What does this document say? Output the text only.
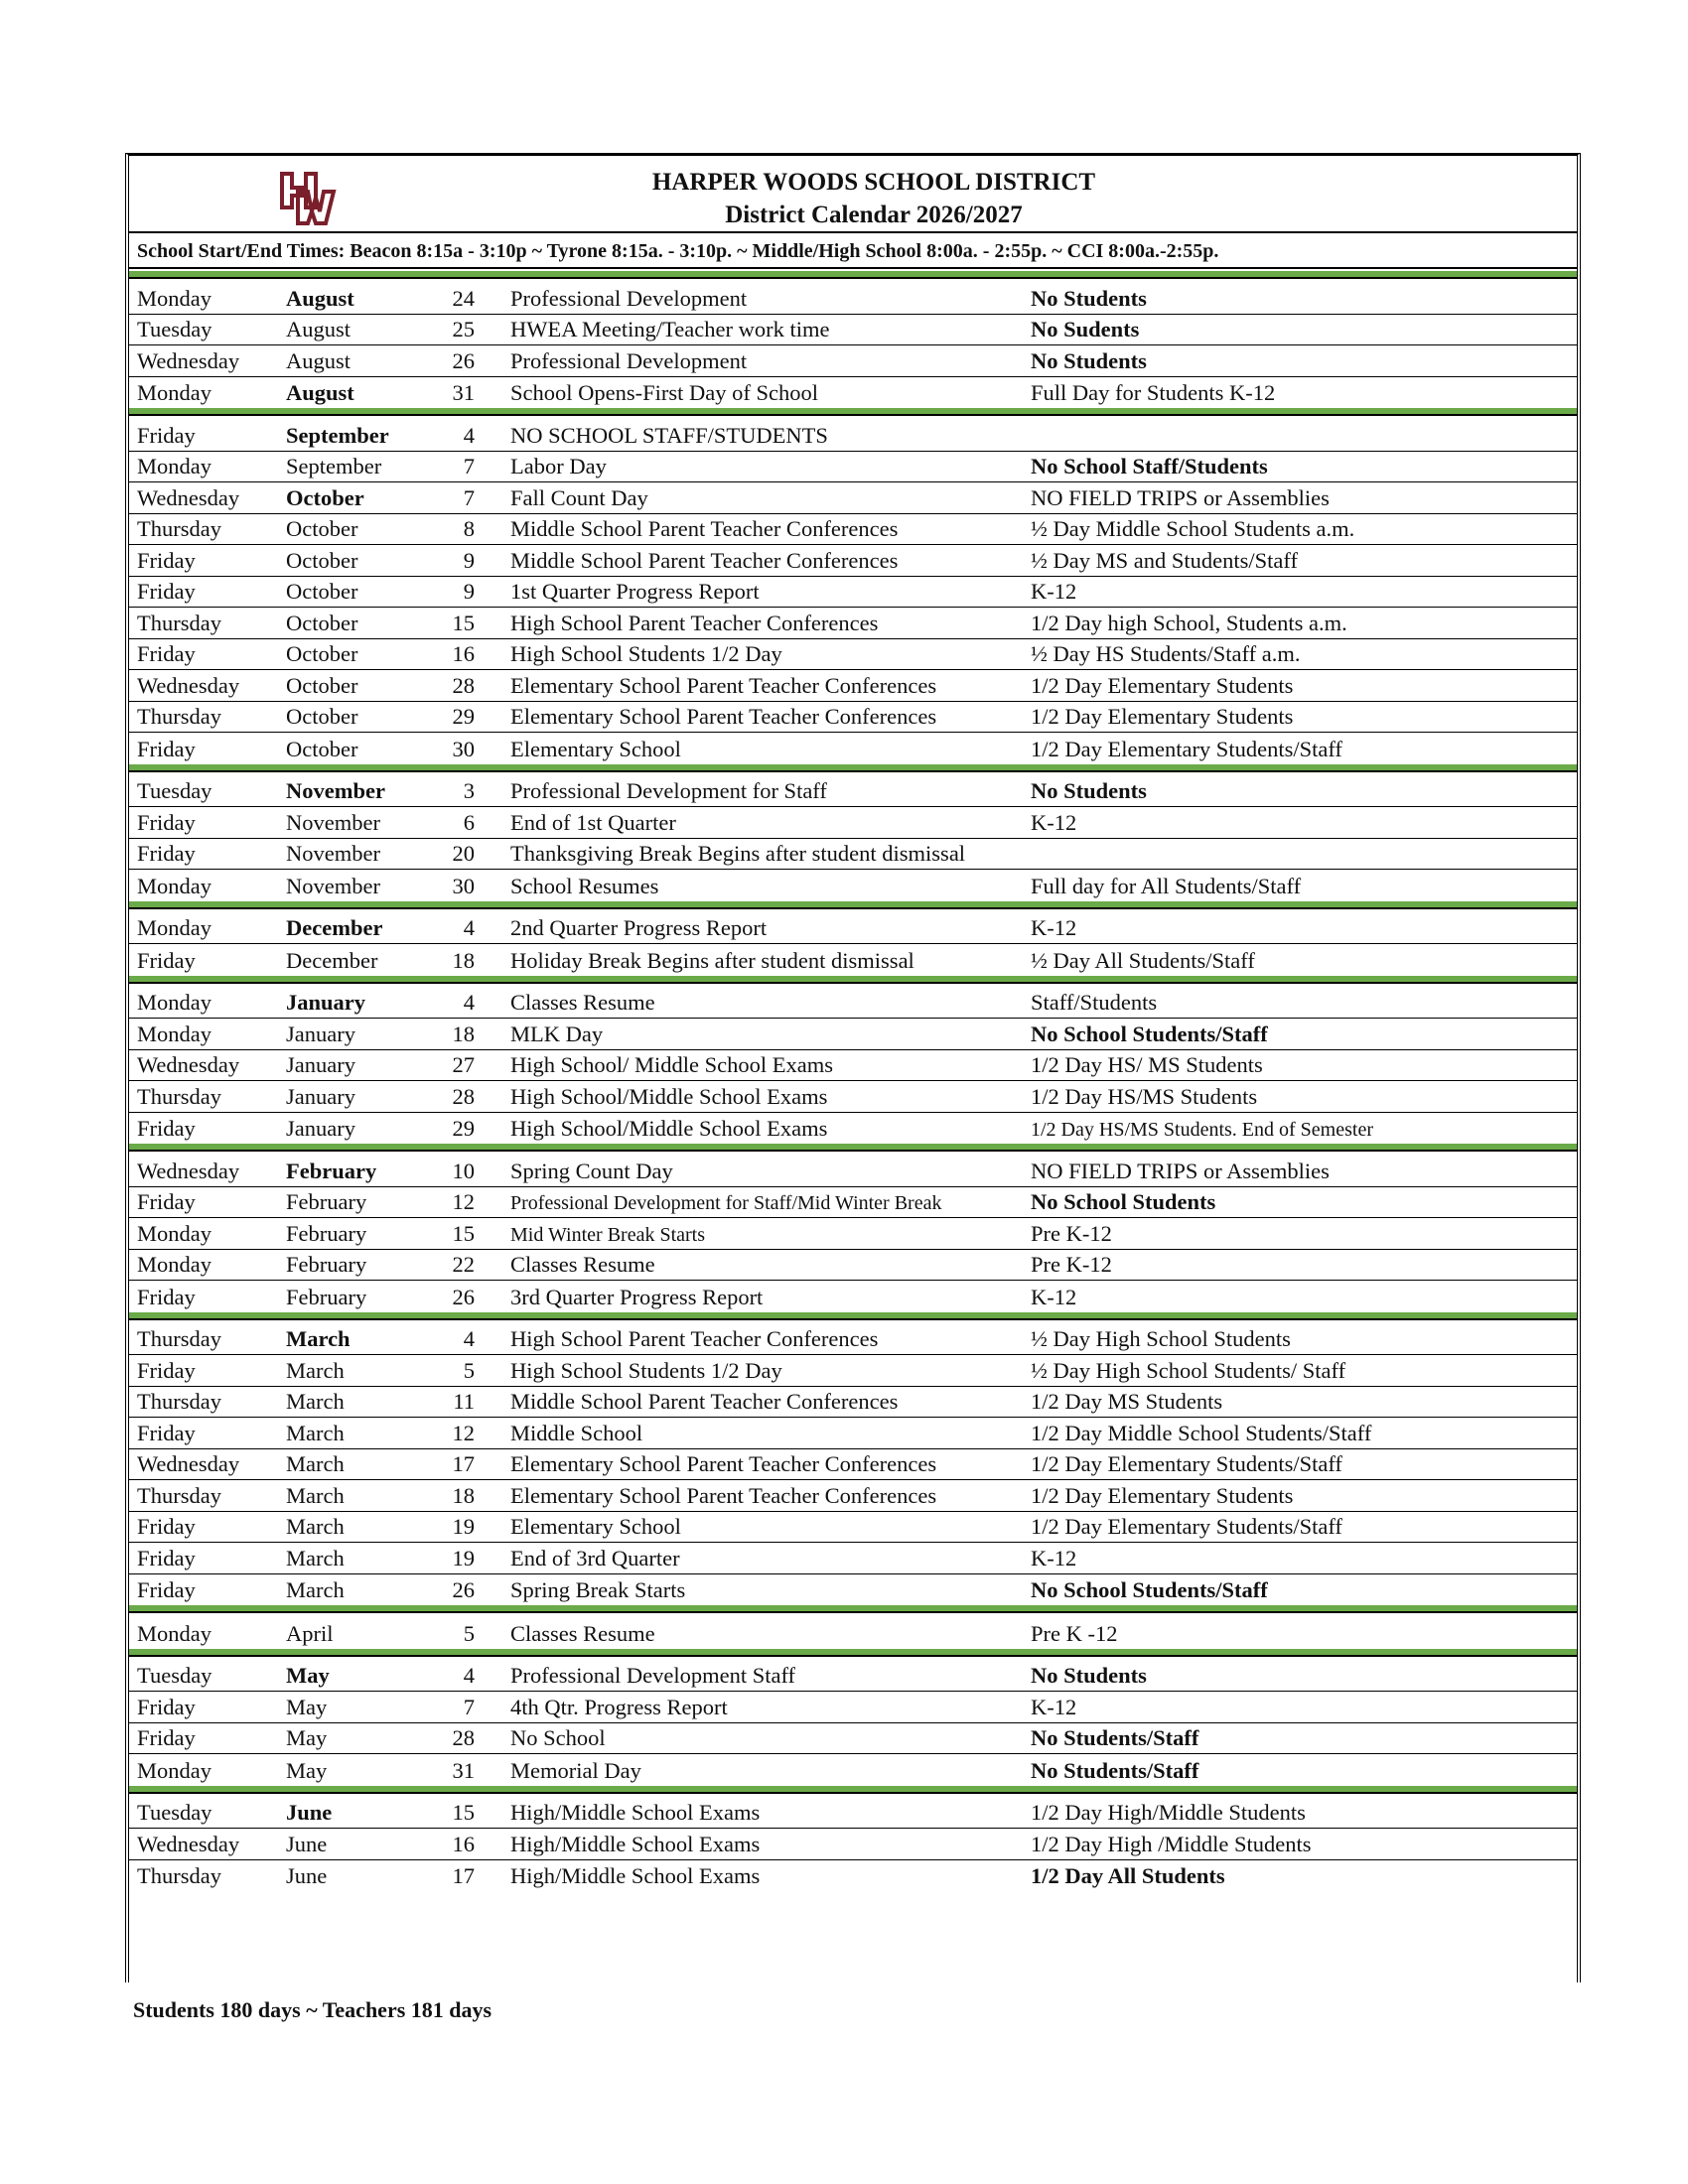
HARPER WOODS SCHOOL DISTRICT
District Calendar 2026/2027
School Start/End Times: Beacon 8:15a - 3:10p ~ Tyrone 8:15a. - 3:10p. ~ Middle/High School 8:00a. - 2:55p. ~ CCI 8:00a.-2:55p.
Monday	August	24	Professional Development	No Students
Tuesday	August	25	HWEA Meeting/Teacher work time	No Sudents
Wednesday	August	26	Professional Development	No Students
Monday	August	31	School Opens-First Day of School	Full Day for Students K-12
Friday	September	4	NO SCHOOL STAFF/STUDENTS
Monday	September	7	Labor Day	No School Staff/Students
Wednesday	October	7	Fall Count Day	NO FIELD TRIPS or Assemblies
Thursday	October	8	Middle School Parent Teacher Conferences	½ Day Middle School Students a.m.
Friday	October	9	Middle School Parent Teacher Conferences	½ Day MS and Students/Staff
Friday	October	9	1st Quarter Progress Report	K-12
Thursday	October	15	High School Parent Teacher Conferences	1/2 Day high School, Students a.m.
Friday	October	16	High School Students 1/2 Day	½ Day HS Students/Staff a.m.
Wednesday	October	28	Elementary School Parent Teacher Conferences	1/2 Day Elementary Students
Thursday	October	29	Elementary School Parent Teacher Conferences	1/2 Day Elementary Students
Friday	October	30	Elementary School	1/2 Day Elementary Students/Staff
Tuesday	November	3	Professional Development for Staff	No Students
Friday	November	6	End of 1st Quarter	K-12
Friday	November	20	Thanksgiving Break Begins after student dismissal
Monday	November	30	School Resumes	Full day for All Students/Staff
Monday	December	4	2nd Quarter Progress Report	K-12
Friday	December	18	Holiday Break Begins after student dismissal	½ Day All Students/Staff
Monday	January	4	Classes Resume	Staff/Students
Monday	January	18	MLK Day	No School Students/Staff
Wednesday	January	27	High School/ Middle School Exams	1/2 Day HS/ MS Students
Thursday	January	28	High School/Middle School Exams	1/2 Day HS/MS Students
Friday	January	29	High School/Middle School Exams	1/2 Day HS/MS Students. End of Semester
Wednesday	February	10	Spring Count Day	NO FIELD TRIPS or Assemblies
Friday	February	12	Professional Development for Staff/Mid Winter Break	No School Students
Monday	February	15	Mid Winter Break Starts	Pre K-12
Monday	February	22	Classes Resume	Pre K-12
Friday	February	26	3rd Quarter Progress Report	K-12
Thursday	March	4	High School Parent Teacher Conferences	½ Day High School Students
Friday	March	5	High School Students 1/2 Day	½ Day High School Students/ Staff
Thursday	March	11	Middle School Parent Teacher Conferences	1/2 Day MS Students
Friday	March	12	Middle School	1/2 Day Middle School Students/Staff
Wednesday	March	17	Elementary School Parent Teacher Conferences	1/2 Day Elementary Students/Staff
Thursday	March	18	Elementary School Parent Teacher Conferences	1/2 Day Elementary Students
Friday	March	19	Elementary School	1/2 Day Elementary Students/Staff
Friday	March	19	End of 3rd Quarter	K-12
Friday	March	26	Spring Break Starts	No School Students/Staff
Monday	April	5	Classes Resume	Pre K -12
Tuesday	May	4	Professional Development Staff	No Students
Friday	May	7	4th Qtr. Progress Report	K-12
Friday	May	28	No School	No Students/Staff
Monday	May	31	Memorial Day	No Students/Staff
Tuesday	June	15	High/Middle School Exams	1/2 Day High/Middle Students
Wednesday	June	16	High/Middle School Exams	1/2 Day High /Middle Students
Thursday	June	17	High/Middle School Exams	1/2 Day All Students
Students 180 days ~ Teachers 181 days
